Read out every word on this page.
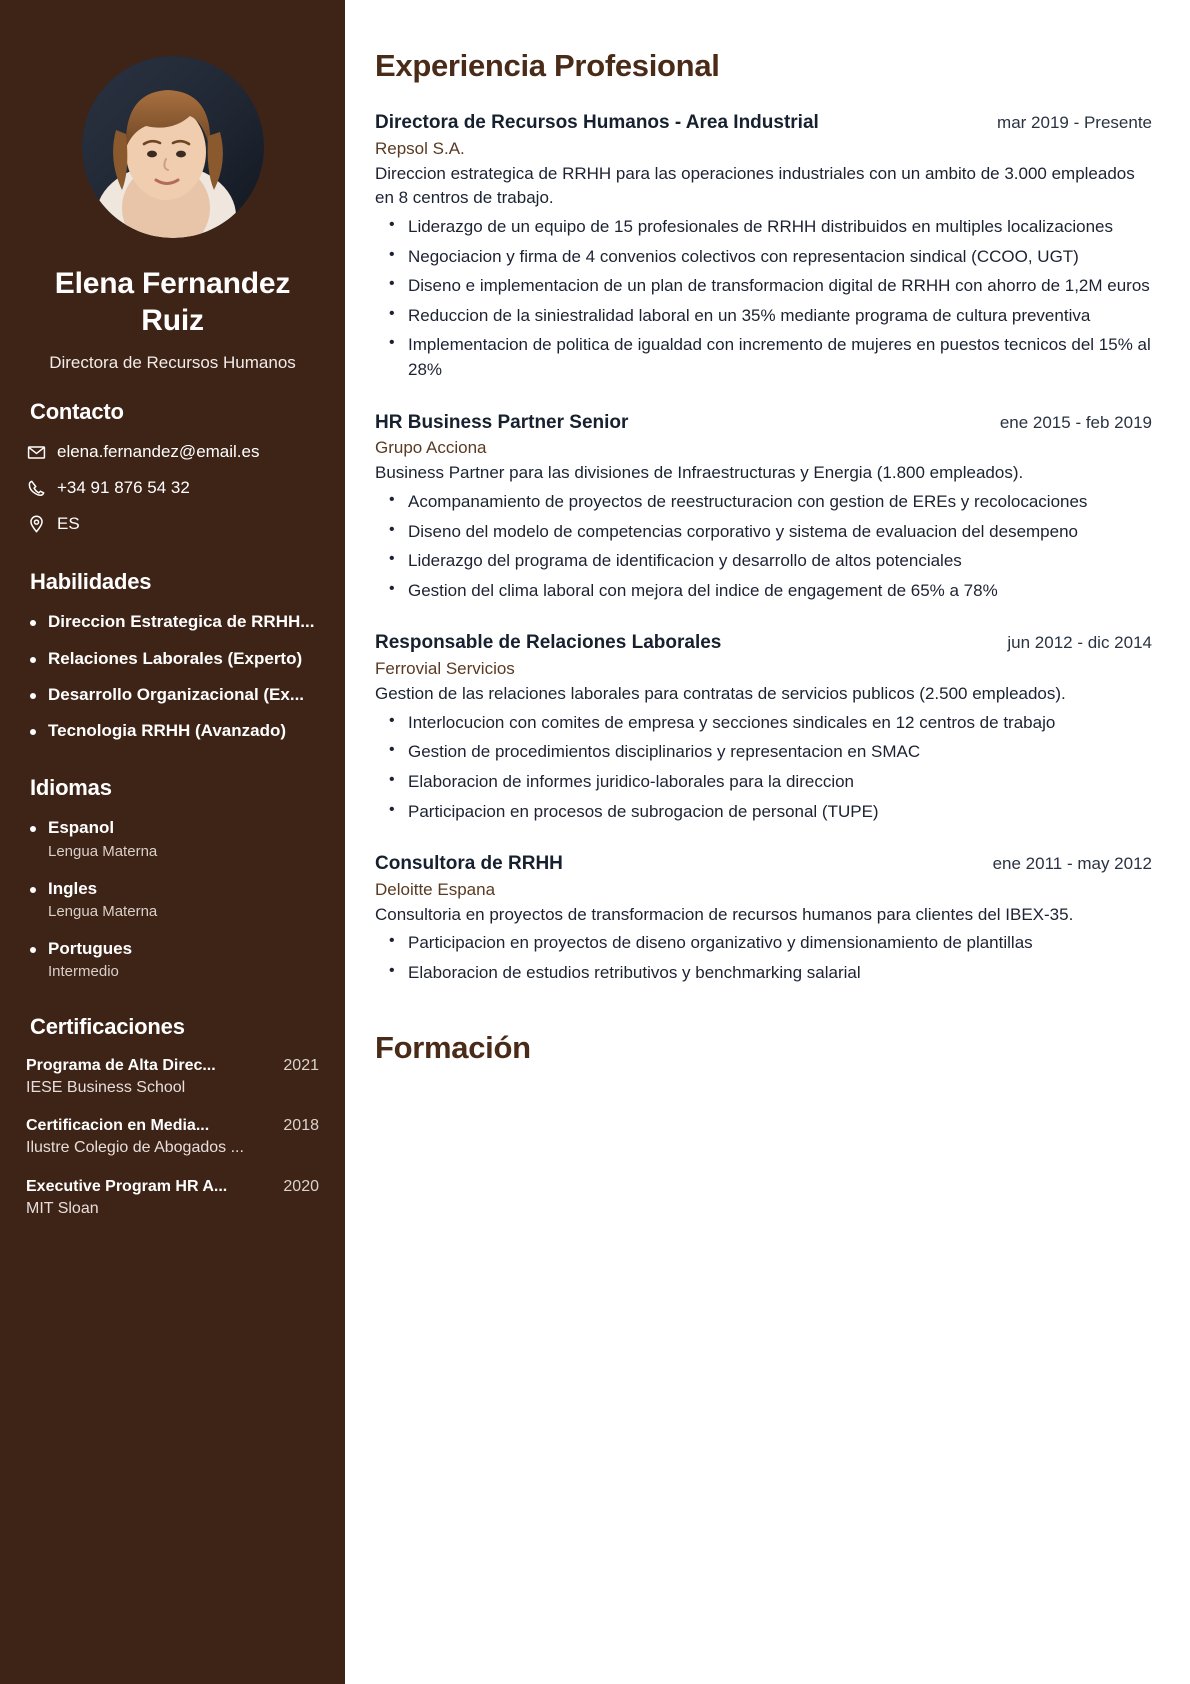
Elena Fernandez Ruiz
Directora de Recursos Humanos
Contacto
elena.fernandez@email.es
+34 91 876 54 32
ES
Habilidades
Direccion Estrategica de RRHH...
Relaciones Laborales (Experto)
Desarrollo Organizacional (Ex...
Tecnologia RRHH (Avanzado)
Idiomas
Espanol
Lengua Materna
Ingles
Lengua Materna
Portugues
Intermedio
Certificaciones
Programa de Alta Direc...	2021
IESE Business School
Certificacion en Media...	2018
Ilustre Colegio de Abogados ...
Executive Program HR A...	2020
MIT Sloan
Experiencia Profesional
Directora de Recursos Humanos - Area Industrial	mar 2019 - Presente
Repsol S.A.
Direccion estrategica de RRHH para las operaciones industriales con un ambito de 3.000 empleados en 8 centros de trabajo.
• Liderazgo de un equipo de 15 profesionales de RRHH distribuidos en multiples localizaciones
• Negociacion y firma de 4 convenios colectivos con representacion sindical (CCOO, UGT)
• Diseno e implementacion de un plan de transformacion digital de RRHH con ahorro de 1,2M euros
• Reduccion de la siniestralidad laboral en un 35% mediante programa de cultura preventiva
• Implementacion de politica de igualdad con incremento de mujeres en puestos tecnicos del 15% al 28%
HR Business Partner Senior	ene 2015 - feb 2019
Grupo Acciona
Business Partner para las divisiones de Infraestructuras y Energia (1.800 empleados).
• Acompanamiento de proyectos de reestructuracion con gestion de EREs y recolocaciones
• Diseno del modelo de competencias corporativo y sistema de evaluacion del desempeno
• Liderazgo del programa de identificacion y desarrollo de altos potenciales
• Gestion del clima laboral con mejora del indice de engagement de 65% a 78%
Responsable de Relaciones Laborales	jun 2012 - dic 2014
Ferrovial Servicios
Gestion de las relaciones laborales para contratas de servicios publicos (2.500 empleados).
• Interlocucion con comites de empresa y secciones sindicales en 12 centros de trabajo
• Gestion de procedimientos disciplinarios y representacion en SMAC
• Elaboracion de informes juridico-laborales para la direccion
• Participacion en procesos de subrogacion de personal (TUPE)
Consultora de RRHH	ene 2011 - may 2012
Deloitte Espana
Consultoria en proyectos de transformacion de recursos humanos para clientes del IBEX-35.
• Participacion en proyectos de diseno organizativo y dimensionamiento de plantillas
• Elaboracion de estudios retributivos y benchmarking salarial
Formación
